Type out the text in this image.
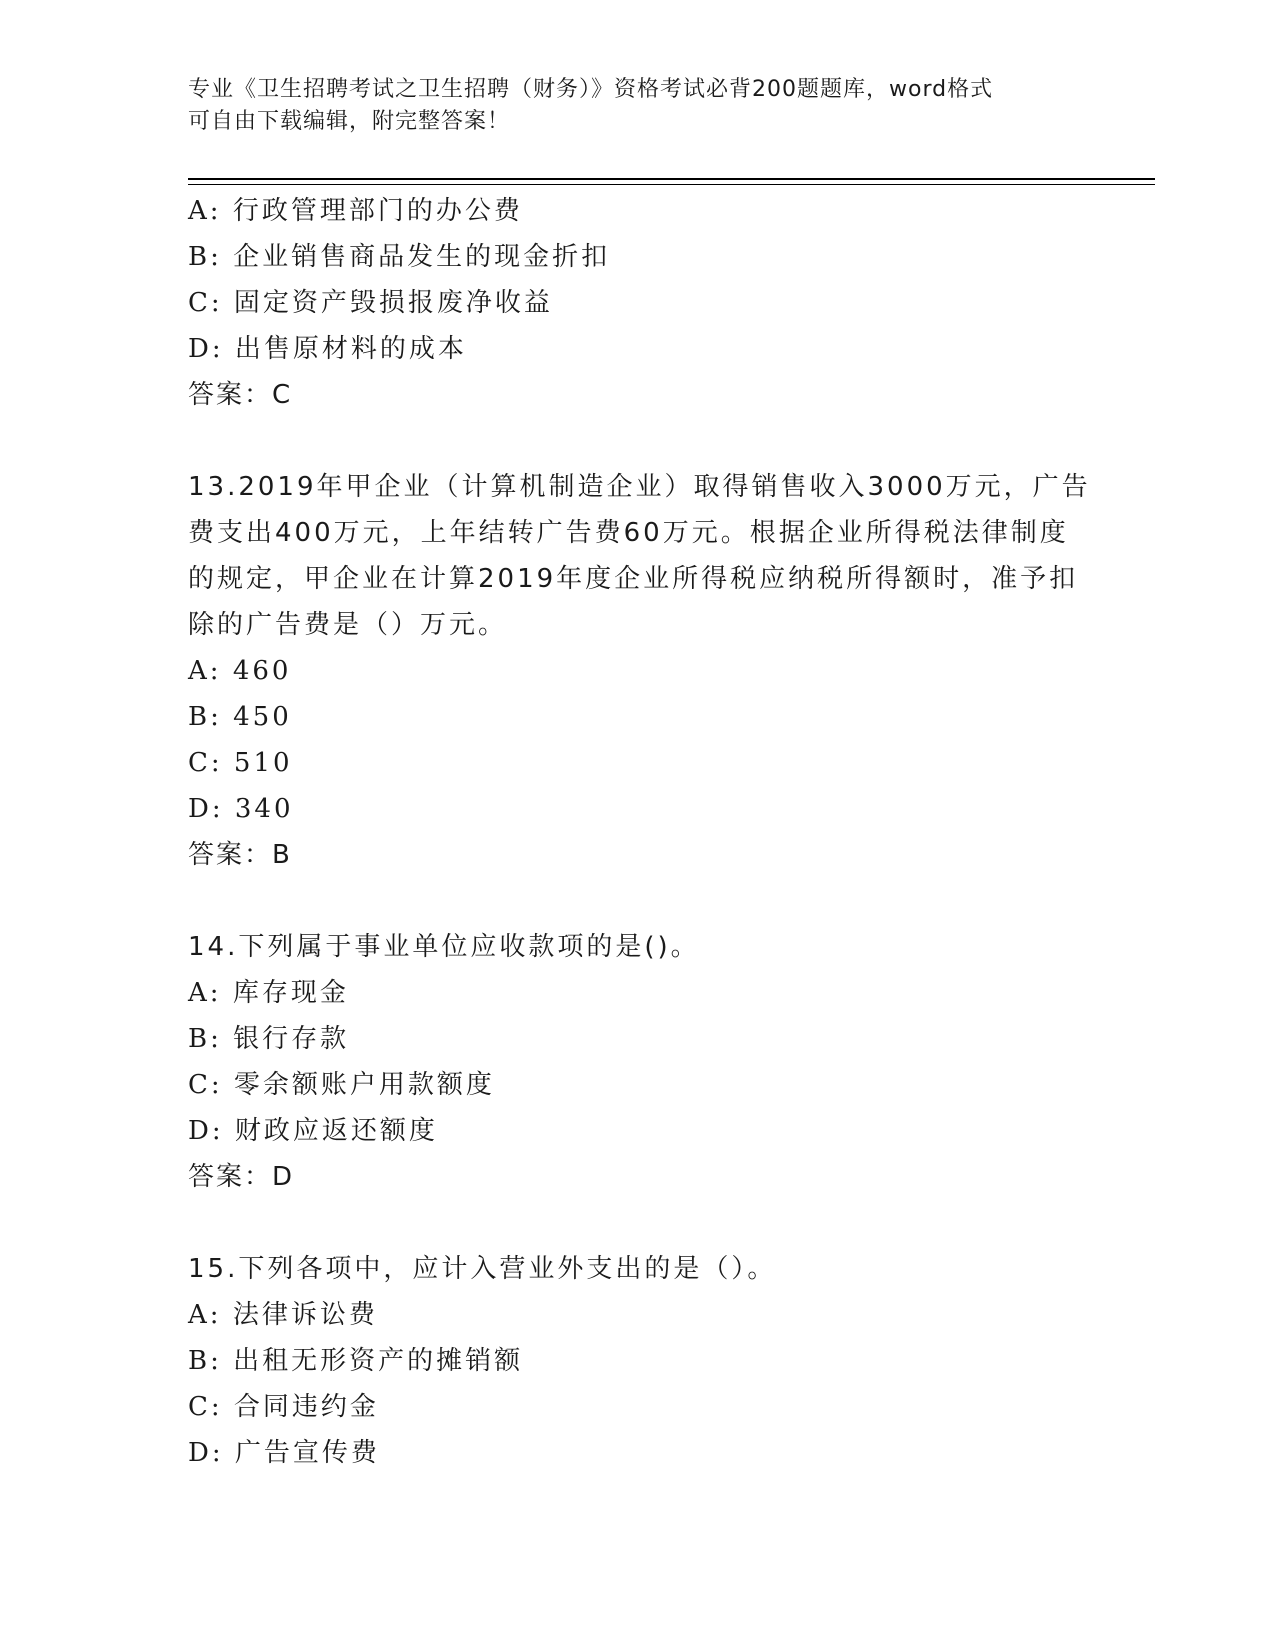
专业《卫生招聘考试之卫生招聘（财务）》资格考试必背200题题库，word格式
可自由下载编辑，附完整答案！
A: 行政管理部门的办公费
B: 企业销售商品发生的现金折扣
C: 固定资产毁损报废净收益
D: 出售原材料的成本
答案：C
13.2019年甲企业（计算机制造企业）取得销售收入3000万元，广告
费支出400万元，上年结转广告费60万元。根据企业所得税法律制度
的规定，甲企业在计算2019年度企业所得税应纳税所得额时，准予扣
除的广告费是（）万元。
A: 460
B: 450
C: 510
D: 340
答案：B
14.下列属于事业单位应收款项的是()。
A: 库存现金
B: 银行存款
C: 零余额账户用款额度
D: 财政应返还额度
答案：D
15.下列各项中，应计入营业外支出的是（）。
A: 法律诉讼费
B: 出租无形资产的摊销额
C: 合同违约金
D: 广告宣传费
